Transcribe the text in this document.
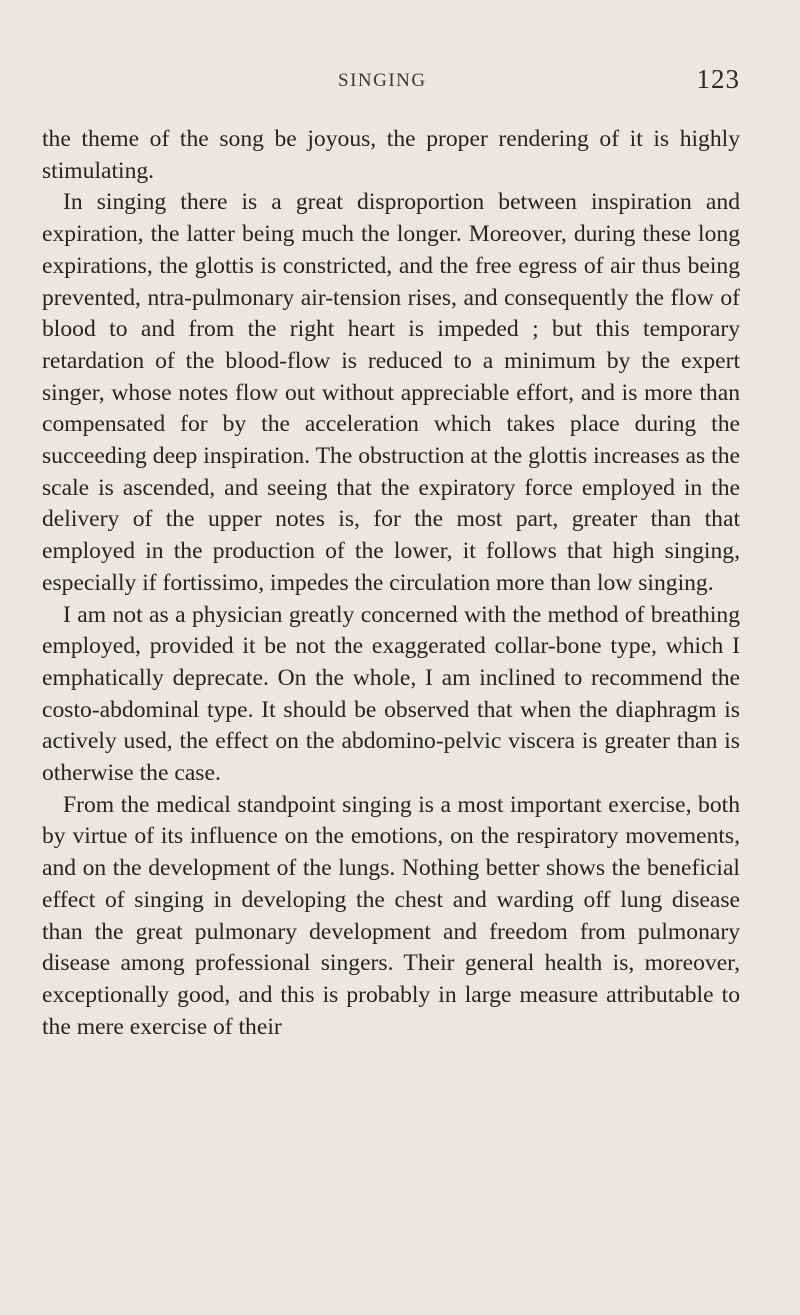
SINGING	123

the theme of the song be joyous, the proper rendering of it is highly stimulating.

In singing there is a great disproportion between inspiration and expiration, the latter being much the longer. Moreover, during these long expirations, the glottis is constricted, and the free egress of air thus being prevented, ntra-pulmonary air-tension rises, and consequently the flow of blood to and from the right heart is impeded ; but this temporary retardation of the blood-flow is reduced to a minimum by the expert singer, whose notes flow out without appreciable effort, and is more than compensated for by the acceleration which takes place during the succeeding deep inspiration. The obstruction at the glottis increases as the scale is ascended, and seeing that the expiratory force employed in the delivery of the upper notes is, for the most part, greater than that employed in the production of the lower, it follows that high singing, especially if fortissimo, impedes the circulation more than low singing.

I am not as a physician greatly concerned with the method of breathing employed, provided it be not the exaggerated collar-bone type, which I emphatically deprecate. On the whole, I am inclined to recommend the costo-abdominal type. It should be observed that when the diaphragm is actively used, the effect on the abdomino-pelvic viscera is greater than is otherwise the case.

From the medical standpoint singing is a most important exercise, both by virtue of its influence on the emotions, on the respiratory movements, and on the development of the lungs. Nothing better shows the beneficial effect of singing in developing the chest and warding off lung disease than the great pulmonary development and freedom from pulmonary disease among professional singers. Their general health is, moreover, exceptionally good, and this is probably in large measure attributable to the mere exercise of their
